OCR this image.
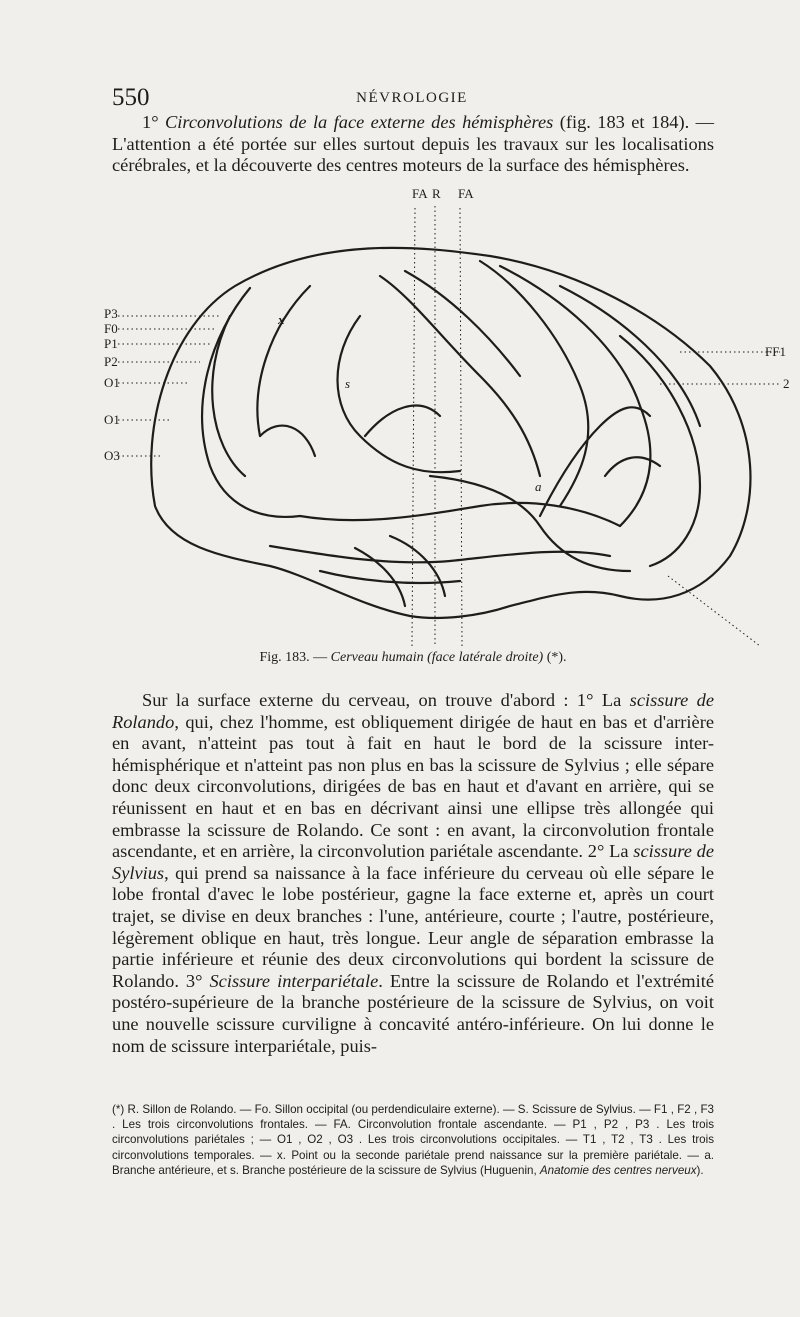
550	NÉVROLOGIE
1° Circonvolutions de la face externe des hémisphères (fig. 183 et 184). — L'attention a été portée sur elles surtout depuis les travaux sur les localisations cérébrales, et la découverte des centres moteurs de la surface des hémisphères.
FA R FA
P3
F0
P1
P2
O1
O1
O3
FF1
2
x
s
a
Fig. 183. — Cerveau humain (face latérale droite) (*).
Sur la surface externe du cerveau, on trouve d'abord : 1° La scissure de Rolando, qui, chez l'homme, est obliquement dirigée de haut en bas et d'arrière en avant, n'atteint pas tout à fait en haut le bord de la scissure inter-hémisphérique et n'atteint pas non plus en bas la scissure de Sylvius ; elle sépare donc deux circonvolutions, dirigées de bas en haut et d'avant en arrière, qui se réunissent en haut et en bas en décrivant ainsi une ellipse très allongée qui embrasse la scissure de Rolando. Ce sont : en avant, la circonvolution frontale ascendante, et en arrière, la circonvolution pariétale ascendante. 2° La scissure de Sylvius, qui prend sa naissance à la face inférieure du cerveau où elle sépare le lobe frontal d'avec le lobe postérieur, gagne la face externe et, après un court trajet, se divise en deux branches : l'une, antérieure, courte ; l'autre, postérieure, légèrement oblique en haut, très longue. Leur angle de séparation embrasse la partie inférieure et réunie des deux circonvolutions qui bordent la scissure de Rolando. 3° Scissure interpariétale. Entre la scissure de Rolando et l'extrémité postéro-supérieure de la branche postérieure de la scissure de Sylvius, on voit une nouvelle scissure curviligne à concavité antéro-inférieure. On lui donne le nom de scissure interpariétale, puis-
(*) R. Sillon de Rolando. — Fo. Sillon occipital (ou perdendiculaire externe). — S. Scissure de Sylvius. — F1 , F2 , F3 . Les trois circonvolutions frontales. — FA. Circonvolution frontale ascendante. — P1 , P2 , P3 . Les trois circonvolutions pariétales ; — O1 , O2 , O3 . Les trois circonvolutions occipitales. — T1 , T2 , T3 . Les trois circonvolutions temporales. — x. Point ou la seconde pariétale prend naissance sur la première pariétale. — a. Branche antérieure, et s. Branche postérieure de la scissure de Sylvius (Huguenin, Anatomie des centres nerveux).
